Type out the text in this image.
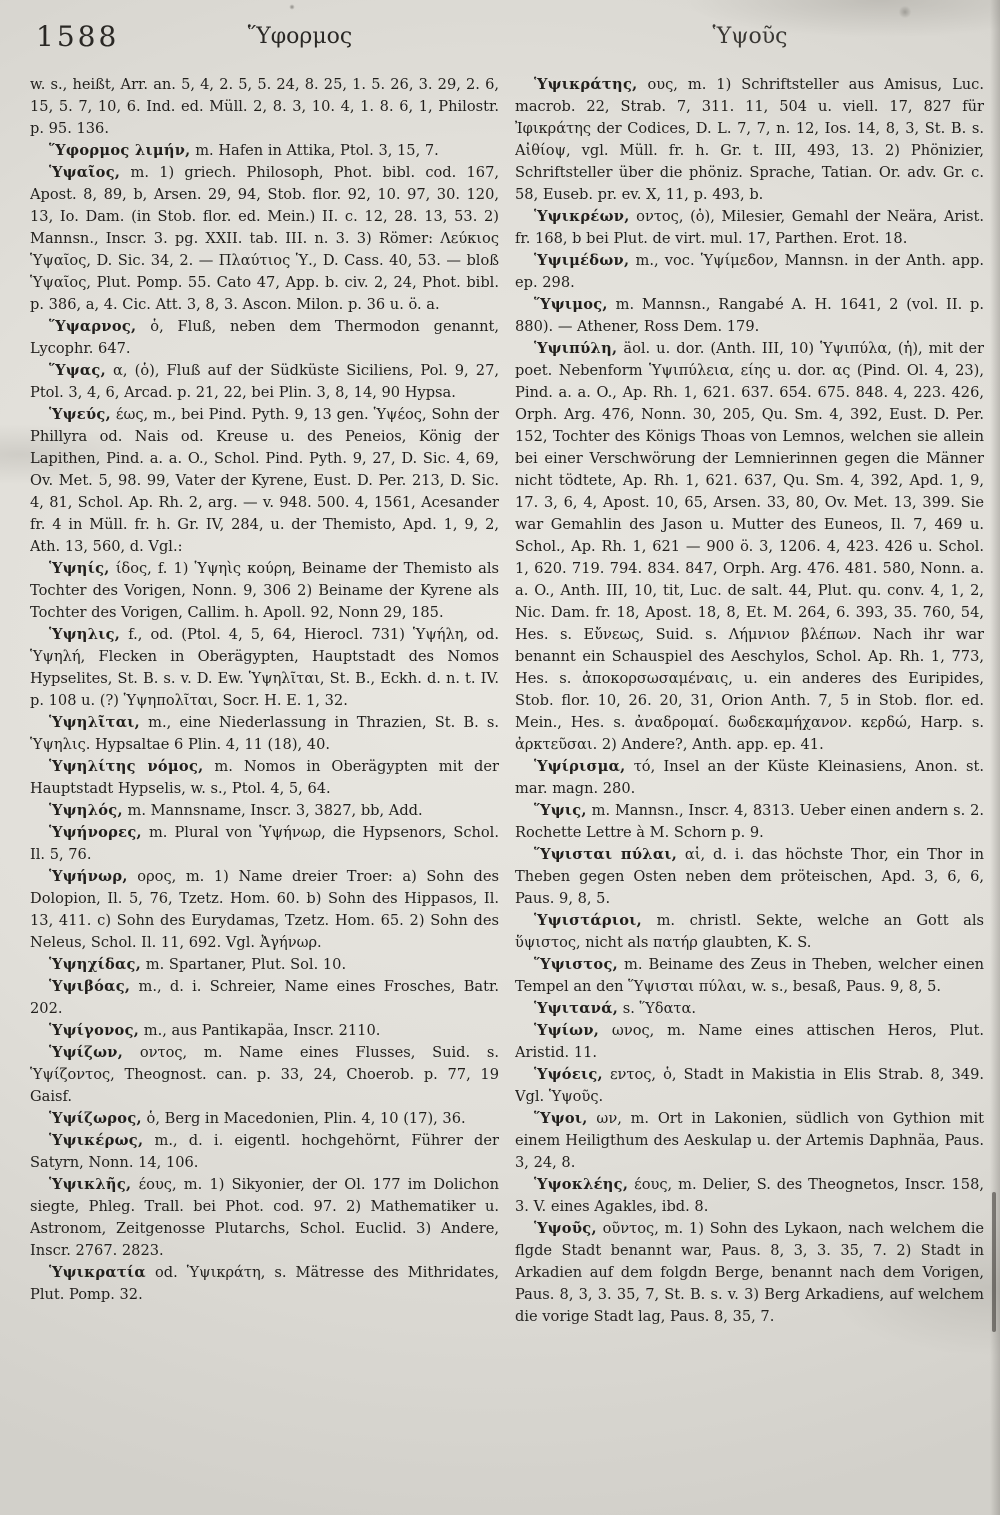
1588	Ὕφορμος	Ὑψοῦς

w. s., heißt, Arr. an. 5, 4, 2. 5, 5. 24, 8. 25, 1. 5. 26, 3. 29, 2. 6, 15, 5. 7, 10, 6. Ind. ed. Müll. 2, 8. 3, 10. 4, 1. 8. 6, 1, Philostr. p. 95. 136.

Ὕφορμος λιμήν, m. Hafen in Attika, Ptol. 3, 15, 7.

Ὑψαῖος, m. 1) griech. Philosoph, Phot. bibl. cod. 167, Apost. 8, 89, b, Arsen. 29, 94, Stob. flor. 92, 10. 97, 30. 120, 13, Io. Dam. (in Stob. flor. ed. Mein.) II. c. 12, 28. 13, 53. 2) Mannsn., Inscr. 3. pg. XXII. tab. III. n. 3. 3) Römer: Λεύκιος Ὑψαῖος, D. Sic. 34, 2. — Πλαύτιος Ὑ., D. Cass. 40, 53. — bloß Ὑψαῖος, Plut. Pomp. 55. Cato 47, App. b. civ. 2, 24, Phot. bibl. p. 386, a, 4. Cic. Att. 3, 8, 3. Ascon. Milon. p. 36 u. ö. a.

Ὕψαρνος, ὁ, Fluß, neben dem Thermodon genannt, Lycophr. 647.

Ὕψας, α, (ὁ), Fluß auf der Südküste Siciliens, Pol. 9, 27, Ptol. 3, 4, 6, Arcad. p. 21, 22, bei Plin. 3, 8, 14, 90 Hypsa.

Ὑψεύς, έως, m., bei Pind. Pyth. 9, 13 gen. Ὑψέος, Sohn der Phillyra od. Nais od. Kreuse u. des Peneios, König der Lapithen, Pind. a. a. O., Schol. Pind. Pyth. 9, 27, D. Sic. 4, 69, Ov. Met. 5, 98. 99, Vater der Kyrene, Eust. D. Per. 213, D. Sic. 4, 81, Schol. Ap. Rh. 2, arg. — v. 948. 500. 4, 1561, Acesander fr. 4 in Müll. fr. h. Gr. IV, 284, u. der Themisto, Apd. 1, 9, 2, Ath. 13, 560, d. Vgl.:

Ὑψηίς, ίδος, f. 1) Ὑψηὶς κούρη, Beiname der Themisto als Tochter des Vorigen, Nonn. 9, 306 2) Beiname der Kyrene als Tochter des Vorigen, Callim. h. Apoll. 92, Nonn 29, 185.

Ὑψηλις, f., od. (Ptol. 4, 5, 64, Hierocl. 731) Ὑψήλη, od. Ὑψηλή, Flecken in Oberägypten, Hauptstadt des Nomos Hypselites, St. B. s. v. D. Ew. Ὑψηλῖται, St. B., Eckh. d. n. t. IV. p. 108 u. (?) Ὑψηπολῖται, Socr. H. E. 1, 32.

Ὑψηλῖται, m., eine Niederlassung in Thrazien, St. B. s. Ὑψηλις. Hypsaltae 6 Plin. 4, 11 (18), 40.

Ὑψηλίτης νόμος, m. Nomos in Oberägypten mit der Hauptstadt Hypselis, w. s., Ptol. 4, 5, 64.

Ὑψηλός, m. Mannsname, Inscr. 3, 3827, bb, Add.

Ὑψήνορες, m. Plural von Ὑψήνωρ, die Hypsenors, Schol. Il. 5, 76.

Ὑψήνωρ, ορος, m. 1) Name dreier Troer: a) Sohn des Dolopion, Il. 5, 76, Tzetz. Hom. 60. b) Sohn des Hippasos, Il. 13, 411. c) Sohn des Eurydamas, Tzetz. Hom. 65. 2) Sohn des Neleus, Schol. Il. 11, 692. Vgl. Ἀγήνωρ.

Ὑψηχίδας, m. Spartaner, Plut. Sol. 10.

Ὑψιβόας, m., d. i. Schreier, Name eines Frosches, Batr. 202.

Ὑψίγονος, m., aus Pantikapäa, Inscr. 2110.

Ὑψίζων, οντος, m. Name eines Flusses, Suid. s. Ὑψίζοντος, Theognost. can. p. 33, 24, Choerob. p. 77, 19 Gaisf.

Ὑψίζωρος, ὁ, Berg in Macedonien, Plin. 4, 10 (17), 36.

Ὑψικέρως, m., d. i. eigentl. hochgehörnt, Führer der Satyrn, Nonn. 14, 106.

Ὑψικλῆς, έους, m. 1) Sikyonier, der Ol. 177 im Dolichon siegte, Phleg. Trall. bei Phot. cod. 97. 2) Mathematiker u. Astronom, Zeitgenosse Plutarchs, Schol. Euclid. 3) Andere, Inscr. 2767. 2823.

Ὑψικρατία od. Ὑψικράτη, s. Mätresse des Mithridates, Plut. Pomp. 32.

Ὑψικράτης, ους, m. 1) Schriftsteller aus Amisus, Luc. macrob. 22, Strab. 7, 311. 11, 504 u. viell. 17, 827 für Ἰφικράτης der Codices, D. L. 7, 7, n. 12, Ios. 14, 8, 3, St. B. s. Αἰθίοψ, vgl. Müll. fr. h. Gr. t. III, 493, 13. 2) Phönizier, Schriftsteller über die phöniz. Sprache, Tatian. Or. adv. Gr. c. 58, Euseb. pr. ev. X, 11, p. 493, b.

Ὑψικρέων, οντος, (ὁ), Milesier, Gemahl der Neära, Arist. fr. 168, b bei Plut. de virt. mul. 17, Parthen. Erot. 18.

Ὑψιμέδων, m., voc. Ὑψίμεδον, Mannsn. in der Anth. app. ep. 298.

Ὕψιμος, m. Mannsn., Rangabé A. H. 1641, 2 (vol. II. p. 880). — Athener, Ross Dem. 179.

Ὑψιπύλη, äol. u. dor. (Anth. III, 10) Ὑψιπύλα, (ἡ), mit der poet. Nebenform Ὑψιπύλεια, είης u. dor. ας (Pind. Ol. 4, 23), Pind. a. a. O., Ap. Rh. 1, 621. 637. 654. 675. 848. 4, 223. 426, Orph. Arg. 476, Nonn. 30, 205, Qu. Sm. 4, 392, Eust. D. Per. 152, Tochter des Königs Thoas von Lemnos, welchen sie allein bei einer Verschwörung der Lemnierinnen gegen die Männer nicht tödtete, Ap. Rh. 1, 621. 637, Qu. Sm. 4, 392, Apd. 1, 9, 17. 3, 6, 4, Apost. 10, 65, Arsen. 33, 80, Ov. Met. 13, 399. Sie war Gemahlin des Jason u. Mutter des Euneos, Il. 7, 469 u. Schol., Ap. Rh. 1, 621 — 900 ö. 3, 1206. 4, 423. 426 u. Schol. 1, 620. 719. 794. 834. 847, Orph. Arg. 476. 481. 580, Nonn. a. a. O., Anth. III, 10, tit, Luc. de salt. 44, Plut. qu. conv. 4, 1, 2, Nic. Dam. fr. 18, Apost. 18, 8, Et. M. 264, 6. 393, 35. 760, 54, Hes. s. Εὔνεως, Suid. s. Λήμνιον βλέπων. Nach ihr war benannt ein Schauspiel des Aeschylos, Schol. Ap. Rh. 1, 773, Hes. s. ἀποκορσωσαμέναις, u. ein anderes des Euripides, Stob. flor. 10, 26. 20, 31, Orion Anth. 7, 5 in Stob. flor. ed. Mein., Hes. s. ἀναδρομαί. δωδεκαμήχανον. κερδώ, Harp. s. ἀρκτεῦσαι. 2) Andere?, Anth. app. ep. 41.

Ὑψίρισμα, τό, Insel an der Küste Kleinasiens, Anon. st. mar. magn. 280.

Ὕψις, m. Mannsn., Inscr. 4, 8313. Ueber einen andern s. 2. Rochette Lettre à M. Schorn p. 9.

Ὕψισται πύλαι, αἱ, d. i. das höchste Thor, ein Thor in Theben gegen Osten neben dem pröteischen, Apd. 3, 6, 6, Paus. 9, 8, 5.

Ὑψιστάριοι, m. christl. Sekte, welche an Gott als ὕψιστος, nicht als πατήρ glaubten, K. S.

Ὕψιστος, m. Beiname des Zeus in Theben, welcher einen Tempel an den Ὕψισται πύλαι, w. s., besaß, Paus. 9, 8, 5.

Ὑψιτανά, s. Ὕδατα.

Ὑψίων, ωνος, m. Name eines attischen Heros, Plut. Aristid. 11.

Ὑψόεις, εντος, ὁ, Stadt in Makistia in Elis Strab. 8, 349. Vgl. Ὑψοῦς.

Ὕψοι, ων, m. Ort in Lakonien, südlich von Gythion mit einem Heiligthum des Aeskulap u. der Artemis Daphnäa, Paus. 3, 24, 8.

Ὑψοκλέης, έους, m. Delier, S. des Theognetos, Inscr. 158, 3. V. eines Agakles, ibd. 8.

Ὑψοῦς, οῦντος, m. 1) Sohn des Lykaon, nach welchem die flgde Stadt benannt war, Paus. 8, 3, 3. 35, 7. 2) Stadt in Arkadien auf dem folgdn Berge, benannt nach dem Vorigen, Paus. 8, 3, 3. 35, 7, St. B. s. v. 3) Berg Arkadiens, auf welchem die vorige Stadt lag, Paus. 8, 35, 7.
